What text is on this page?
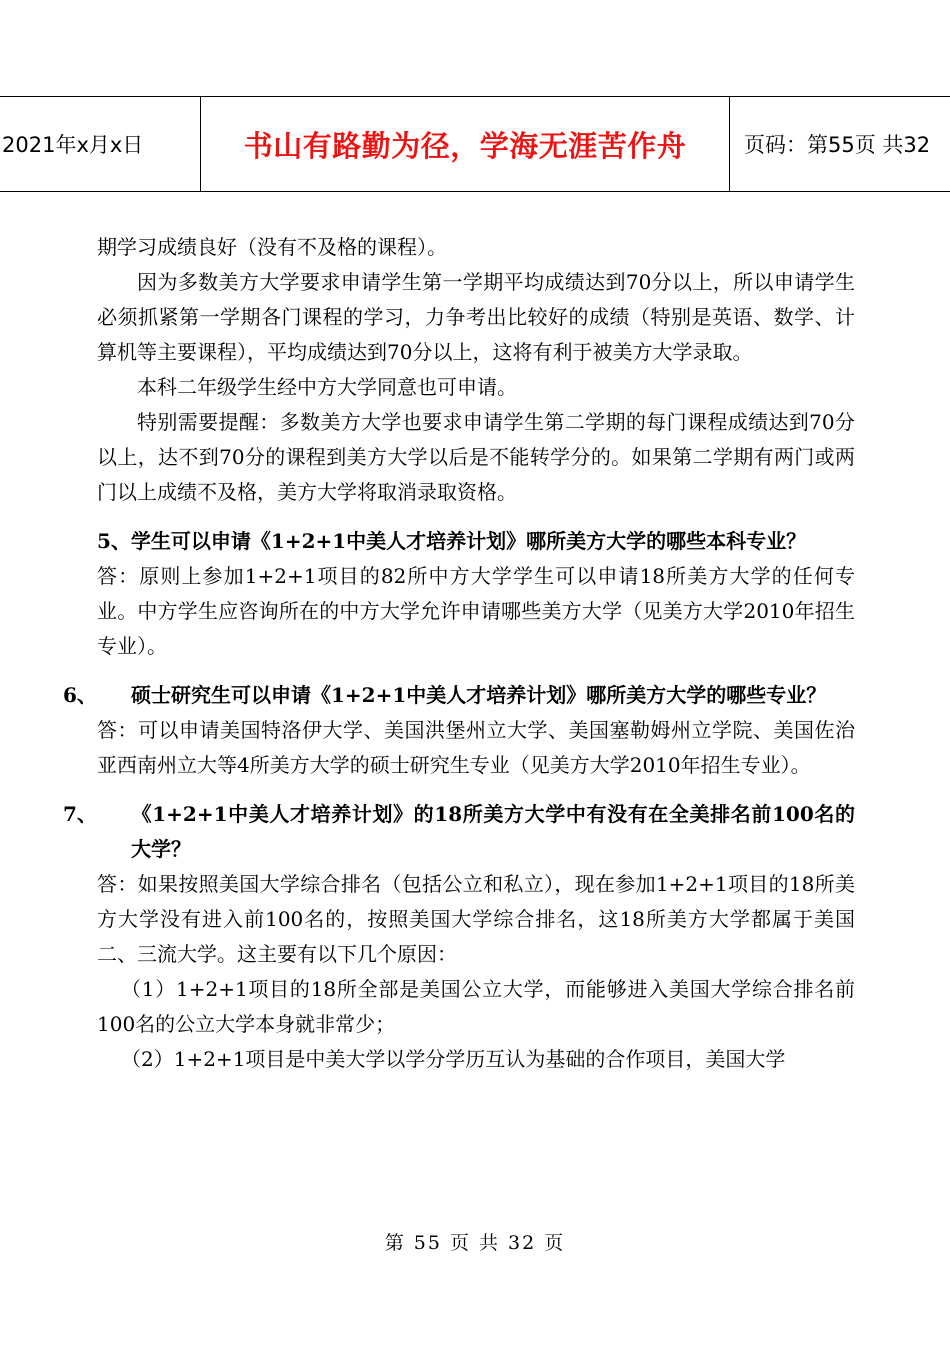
2021年x月x日	书山有路勤为径，学海无涯苦作舟	页码：第55页 共32

期学习成绩良好（没有不及格的课程）。

因为多数美方大学要求申请学生第一学期平均成绩达到70分以上，所以申请学生必须抓紧第一学期各门课程的学习，力争考出比较好的成绩（特别是英语、数学、计算机等主要课程），平均成绩达到70分以上，这将有利于被美方大学录取。

本科二年级学生经中方大学同意也可申请。

特别需要提醒：多数美方大学也要求申请学生第二学期的每门课程成绩达到70分以上，达不到70分的课程到美方大学以后是不能转学分的。如果第二学期有两门或两门以上成绩不及格，美方大学将取消录取资格。

5、学生可以申请《1+2+1中美人才培养计划》哪所美方大学的哪些本科专业？

答：原则上参加1+2+1项目的82所中方大学学生可以申请18所美方大学的任何专业。中方学生应咨询所在的中方大学允许申请哪些美方大学（见美方大学2010年招生专业）。

6、 硕士研究生可以申请《1+2+1中美人才培养计划》哪所美方大学的哪些专业？

答：可以申请美国特洛伊大学、美国洪堡州立大学、美国塞勒姆州立学院、美国佐治亚西南州立大等4所美方大学的硕士研究生专业（见美方大学2010年招生专业）。

7、 《1+2+1中美人才培养计划》的18所美方大学中有没有在全美排名前100名的大学？

答：如果按照美国大学综合排名（包括公立和私立），现在参加1+2+1项目的18所美方大学没有进入前100名的，按照美国大学综合排名，这18所美方大学都属于美国二、三流大学。这主要有以下几个原因：

（1）1+2+1项目的18所全部是美国公立大学，而能够进入美国大学综合排名前100名的公立大学本身就非常少；

（2）1+2+1项目是中美大学以学分学历互认为基础的合作项目，美国大学

第 55 页 共 32 页
